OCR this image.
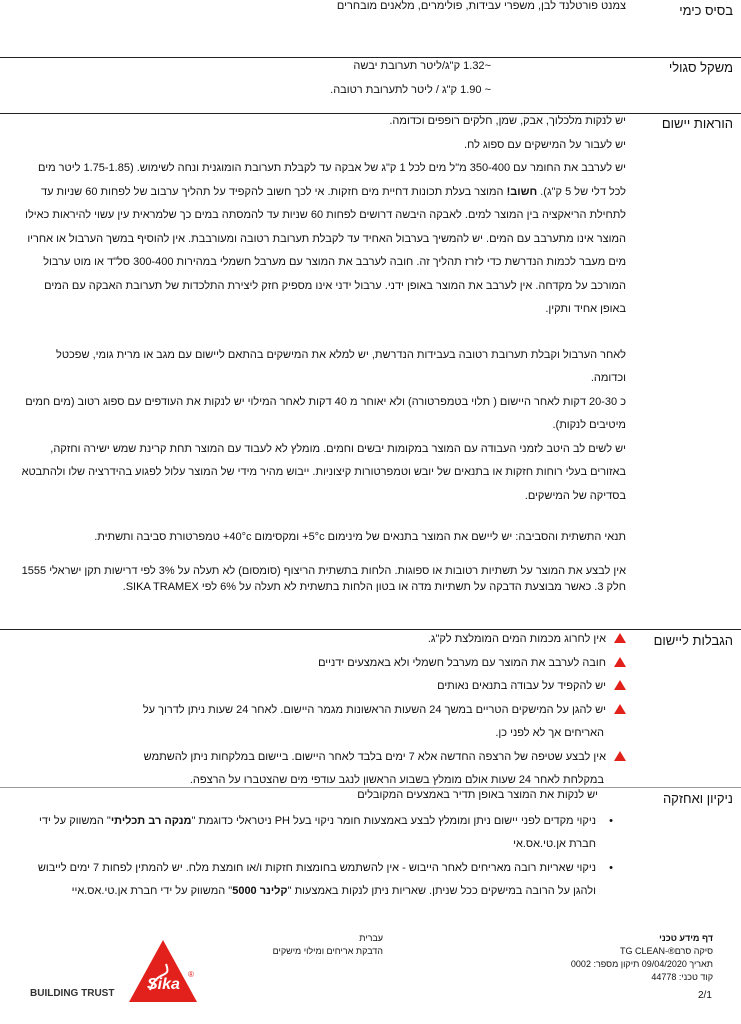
בסיס כימי
צמנט פורטלנד לבן, משפרי עבידות, פולימרים, מלאנים מובחרים
משקל סגולי

~1.32 ק"ג/ליטר תערובת יבשה

~ 1.90 ק"ג / ליטר לתערובת רטובה.

הוראות יישום

יש לנקות מלכלוך, אבק, שמן, חלקים רופפים וכדומה.

יש לעבור על המישקים עם ספוג לח.

יש לערבב את החומר עם 350-400 מ"ל מים לכל 1 ק"ג של אבקה עד לקבלת תערובת הומוגנית ונחה לשימוש. (1.75-1.85 ליטר מים לכל דלי של 5 ק"ג). חשוב! המוצר בעלת תכונות דחיית מים חזקות. אי לכך חשוב להקפיד על תהליך ערבוב של לפחות 60 שניות עד לתחילת הריאקציה בין המוצר למים. לאבקה היבשה דרושים לפחות 60 שניות עד להמסתה במים כך שלמראית עין עשוי להיראות כאילו המוצר אינו מתערבב עם המים. יש להמשיך בערבול האחיד עד לקבלת תערובת רטובה ומעורבבת. אין להוסיף במשך הערבול או אחריו מים מעבר לכמות הנדרשת כדי לזרז תהליך זה. חובה לערבב את המוצר עם מערבל חשמלי במהירות 300-400 סל"ד או מוט ערבול המורכב על מקדחה. אין לערבב את המוצר באופן ידני. ערבול ידני אינו מספיק חזק ליצירת התלכדות של תערובת האבקה עם המים באופן אחיד ותקין.

לאחר הערבול וקבלת תערובת רטובה בעבידות הנדרשת, יש למלא את המישקים בהתאם ליישום עם מגב או מרית גומי, שפכטל וכדומה.

כ 20-30 דקות לאחר היישום ( תלוי בטמפרטורה) ולא יאוחר מ 40 דקות לאחר המילוי יש לנקות את העודפים עם ספוג רטוב (מים חמים מיטיבים לנקות).

יש לשים לב היטב לזמני העבודה עם המוצר במקומות יבשים וחמים. מומלץ לא לעבוד עם המוצר תחת קרינת שמש ישירה וחזקה, באזורים בעלי רוחות חזקות או בתנאים של יובש וטמפרטורות קיצוניות. ייבוש מהיר מידי של המוצר עלול לפגוע בהידרציה שלו ולהתבטא בסדיקה של המישקים.

תנאי התשתית והסביבה: יש ליישם את המוצר בתנאים של מינימום 5°c+ ומקסימום 40°c+ טמפרטורת סביבה ותשתית.

אין לבצע את המוצר על תשתיות רטובות או ספוגות. הלחות בתשתית הריצוף (סומסום) לא תעלה על 3% לפי דרישות תקן ישראלי 1555 חלק 3. כאשר מבוצעת הדבקה על תשתיות מדה או בטון הלחות בתשתית לא תעלה על 6% לפי SIKA TRAMEX.

הגבלות ליישום

אין לחרוג מכמות המים המומלצת לק"ג.

חובה לערבב את המוצר עם מערבל חשמלי ולא באמצעים ידניים

יש להקפיד על עבודה בתנאים נאותים

יש להגן על המישקים הטריים במשך 24 השעות הראשונות מגמר היישום. לאחר 24 שעות ניתן לדרוך על
האריחים אך לא לפני כן.

אין לבצע שטיפה של הרצפה החדשה אלא 7 ימים בלבד לאחר היישום. ביישום במלקחות ניתן להשתמש
במקלחת לאחר 24 שעות אולם מומלץ בשבוע הראשון לנגב עודפי מים שהצטברו על הרצפה.

ניקיון ואחזקה

יש לנקות את המוצר באופן תדיר באמצעים המקובלים

•

ניקוי מקדים לפני יישום ניתן ומומלץ לבצע באמצעות חומר ניקוי בעל PH ניטראלי כדוגמת "מנקה רב תכליתי" המשווק על ידי חברת אן.טי.אס.אי

•

ניקוי שאריות רובה מאריחים לאחר הייבוש - אין להשתמש בחומצות חזקות ו/או חומצת מלח. יש להמתין לפחות 7 ימים לייבוש ולהגן על הרובה במישקים ככל שניתן. שאריות ניתן לנקות באמצעות "קלינר 5000" המשווק על ידי חברת אן.טי.אס.איי

דף מידע טכני
סיקה סרם®-TG CLEAN
תאריך 09/04/2020 תיקון מספר: 0002
קוד טכני: 44778
עברית
הדבקת אריחים ומילוי מישקים
Sika
®
BUILDING TRUST	2/1
